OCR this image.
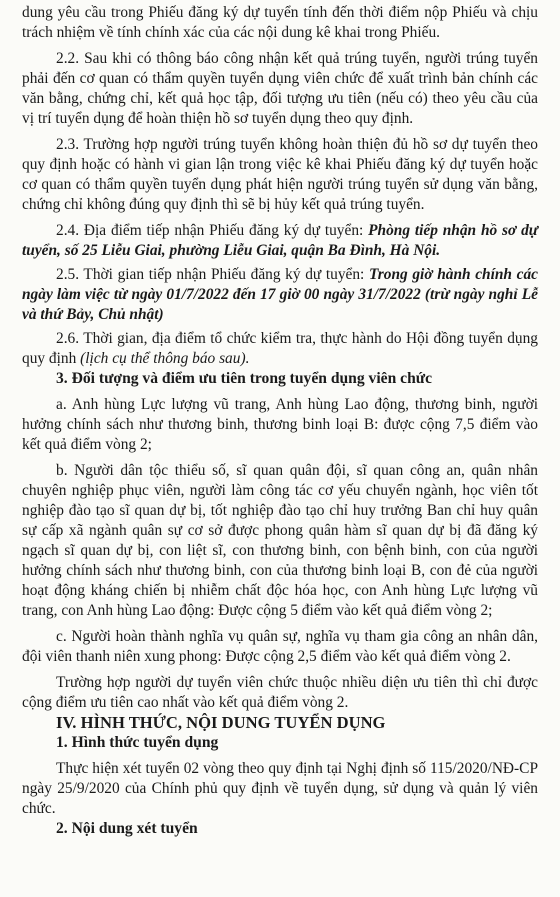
dung yêu cầu trong Phiếu đăng ký dự tuyển tính đến thời điểm nộp Phiếu và chịu trách nhiệm về tính chính xác của các nội dung kê khai trong Phiếu.

2.2. Sau khi có thông báo công nhận kết quả trúng tuyển, người trúng tuyển phải đến cơ quan có thẩm quyền tuyển dụng viên chức để xuất trình bản chính các văn bằng, chứng chỉ, kết quả học tập, đối tượng ưu tiên (nếu có) theo yêu cầu của vị trí tuyển dụng để hoàn thiện hồ sơ tuyển dụng theo quy định.

2.3. Trường hợp người trúng tuyển không hoàn thiện đủ hồ sơ dự tuyển theo quy định hoặc có hành vi gian lận trong việc kê khai Phiếu đăng ký dự tuyển hoặc cơ quan có thẩm quyền tuyển dụng phát hiện người trúng tuyển sử dụng văn bằng, chứng chỉ không đúng quy định thì sẽ bị hủy kết quả trúng tuyển.

2.4. Địa điểm tiếp nhận Phiếu đăng ký dự tuyển: Phòng tiếp nhận hồ sơ dự tuyển, số 25 Liễu Giai, phường Liễu Giai, quận Ba Đình, Hà Nội.

2.5. Thời gian tiếp nhận Phiếu đăng ký dự tuyển: Trong giờ hành chính các ngày làm việc từ ngày 01/7/2022 đến 17 giờ 00 ngày 31/7/2022 (trừ ngày nghỉ Lễ và thứ Bảy, Chủ nhật)

2.6. Thời gian, địa điểm tổ chức kiểm tra, thực hành do Hội đồng tuyển dụng quy định (lịch cụ thể thông báo sau).

3. Đối tượng và điểm ưu tiên trong tuyển dụng viên chức

a. Anh hùng Lực lượng vũ trang, Anh hùng Lao động, thương binh, người hưởng chính sách như thương binh, thương binh loại B: được cộng 7,5 điểm vào kết quả điểm vòng 2;

b. Người dân tộc thiểu số, sĩ quan quân đội, sĩ quan công an, quân nhân chuyên nghiệp phục viên, người làm công tác cơ yếu chuyển ngành, học viên tốt nghiệp đào tạo sĩ quan dự bị, tốt nghiệp đào tạo chỉ huy trưởng Ban chỉ huy quân sự cấp xã ngành quân sự cơ sở được phong quân hàm sĩ quan dự bị đã đăng ký ngạch sĩ quan dự bị, con liệt sĩ, con thương binh, con bệnh binh, con của người hưởng chính sách như thương binh, con của thương binh loại B, con đẻ của người hoạt động kháng chiến bị nhiễm chất độc hóa học, con Anh hùng Lực lượng vũ trang, con Anh hùng Lao động: Được cộng 5 điểm vào kết quả điểm vòng 2;

c. Người hoàn thành nghĩa vụ quân sự, nghĩa vụ tham gia công an nhân dân, đội viên thanh niên xung phong: Được cộng 2,5 điểm vào kết quả điểm vòng 2.

Trường hợp người dự tuyển viên chức thuộc nhiều diện ưu tiên thì chỉ được cộng điểm ưu tiên cao nhất vào kết quả điểm vòng 2.

IV. HÌNH THỨC, NỘI DUNG TUYỂN DỤNG

1. Hình thức tuyển dụng

Thực hiện xét tuyển 02 vòng theo quy định tại Nghị định số 115/2020/NĐ-CP ngày 25/9/2020 của Chính phủ quy định về tuyển dụng, sử dụng và quản lý viên chức.

2. Nội dung xét tuyển
